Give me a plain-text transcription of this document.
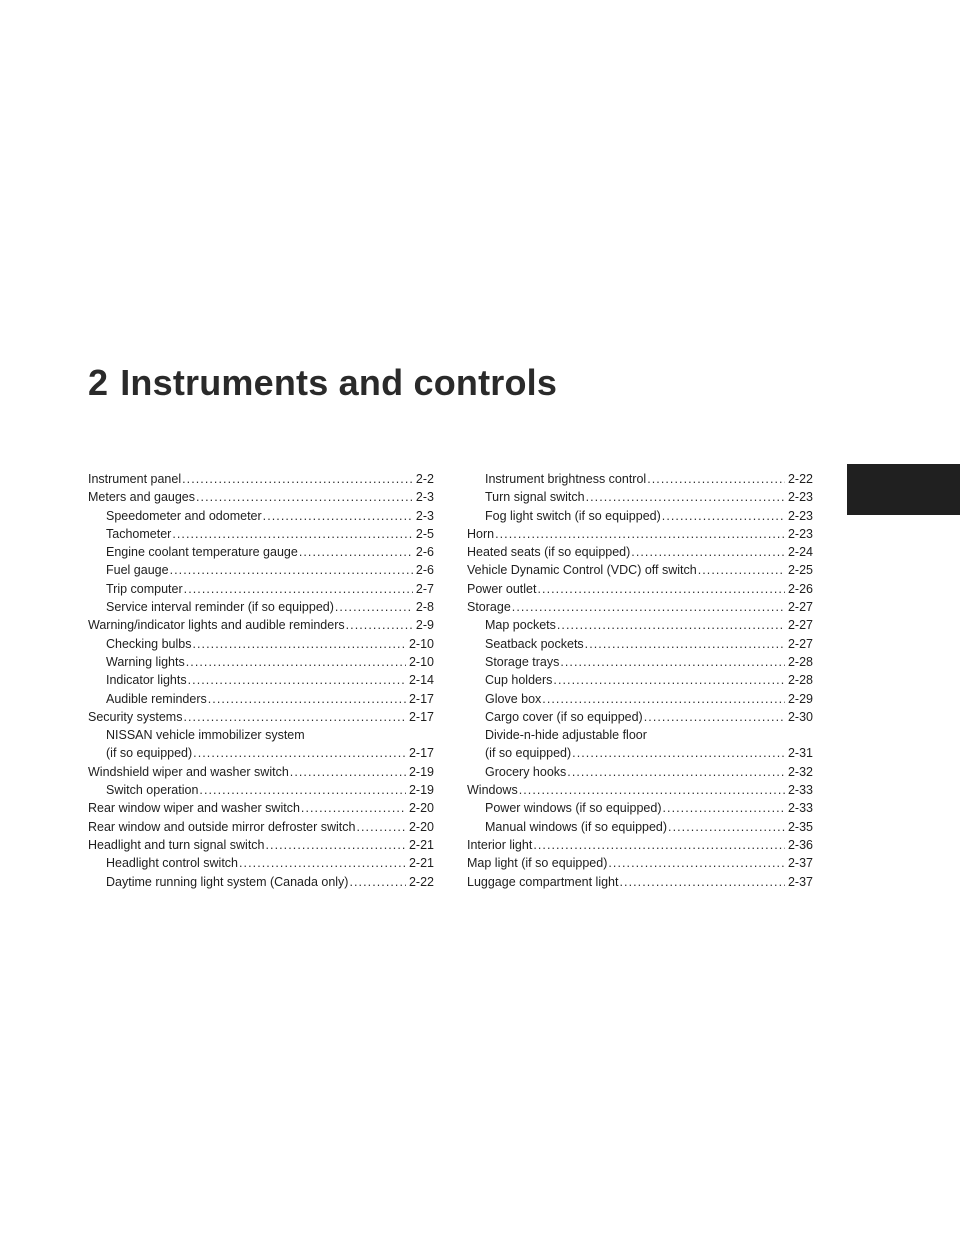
2 Instruments and controls
Instrument panel . . .	2-2
Meters and gauges . . .	2-3
Speedometer and odometer . . .	2-3
Tachometer . . .	2-5
Engine coolant temperature gauge . . .	2-6
Fuel gauge . . .	2-6
Trip computer . . .	2-7
Service interval reminder (if so equipped) . . .	2-8
Warning/indicator lights and audible reminders . . .	2-9
Checking bulbs . . .	2-10
Warning lights . . .	2-10
Indicator lights . . .	2-14
Audible reminders . . .	2-17
Security systems . . .	2-17
NISSAN vehicle immobilizer system
(if so equipped) . . .	2-17
Windshield wiper and washer switch . . .	2-19
Switch operation . . .	2-19
Rear window wiper and washer switch . . .	2-20
Rear window and outside mirror defroster switch . . .	2-20
Headlight and turn signal switch . . .	2-21
Headlight control switch . . .	2-21
Daytime running light system (Canada only) . . .	2-22
Instrument brightness control . . .	2-22
Turn signal switch . . .	2-23
Fog light switch (if so equipped) . . .	2-23
Horn . . .	2-23
Heated seats (if so equipped) . . .	2-24
Vehicle Dynamic Control (VDC) off switch . . .	2-25
Power outlet . . .	2-26
Storage . . .	2-27
Map pockets . . .	2-27
Seatback pockets . . .	2-27
Storage trays . . .	2-28
Cup holders . . .	2-28
Glove box . . .	2-29
Cargo cover (if so equipped) . . .	2-30
Divide-n-hide adjustable floor
(if so equipped) . . .	2-31
Grocery hooks . . .	2-32
Windows . . .	2-33
Power windows (if so equipped) . . .	2-33
Manual windows (if so equipped) . . .	2-35
Interior light . . .	2-36
Map light (if so equipped) . . .	2-37
Luggage compartment light . . .	2-37
